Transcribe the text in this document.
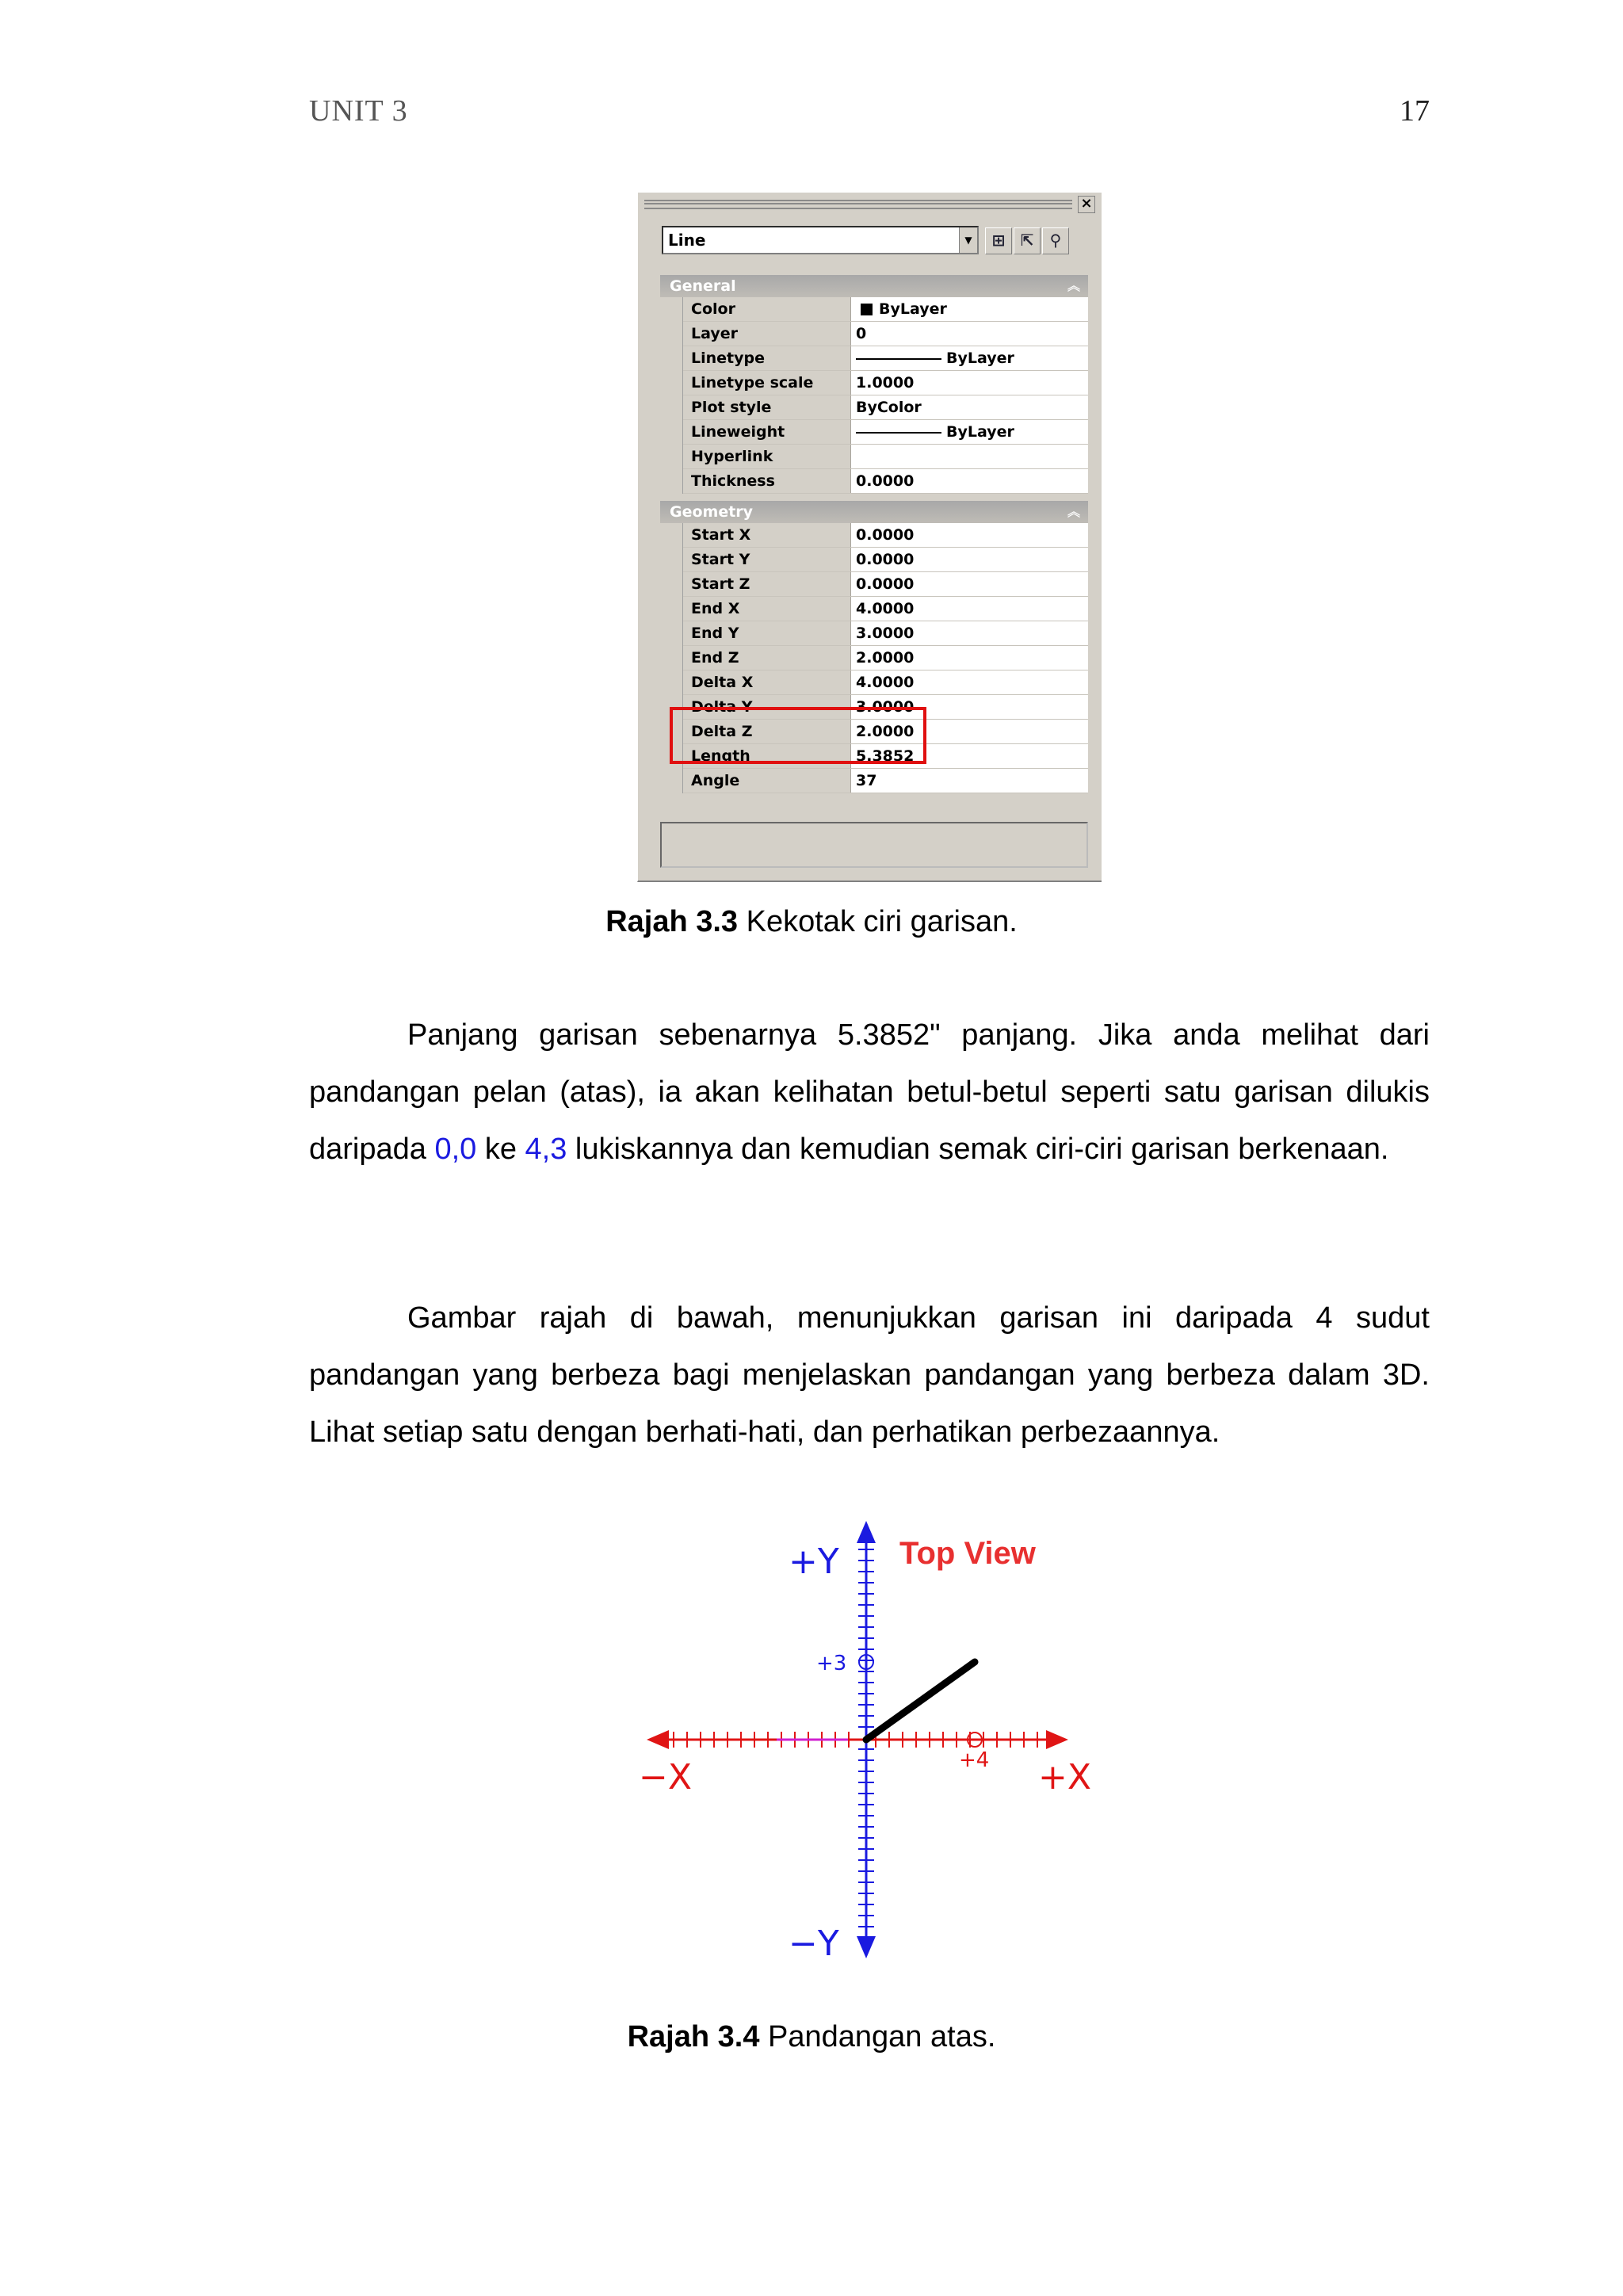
UNIT 3	17
×
Line	▼	⊞ ⇱	⚲
General	︽
Color	ByLayer
Layer	0
Linetype	ByLayer
Linetype scale	1.0000
Plot style	ByColor
Lineweight	ByLayer
Hyperlink
Thickness	0.0000
Geometry	︽
Start X	0.0000
Start Y	0.0000
Start Z	0.0000
End X	4.0000
End Y	3.0000
End Z	2.0000
Delta X	4.0000
Delta Y	3.0000
Delta Z	2.0000
Length	5.3852
Angle	37
Rajah 3.3 Kekotak ciri garisan.
Panjang garisan sebenarnya 5.3852" panjang. Jika anda melihat dari pandangan pelan (atas), ia akan kelihatan betul-betul seperti satu garisan dilukis daripada 0,0 ke 4,3 lukiskannya dan kemudian semak ciri-ciri garisan berkenaan.
Gambar rajah di bawah, menunjukkan garisan ini daripada 4 sudut pandangan yang berbeza bagi menjelaskan pandangan yang berbeza dalam 3D. Lihat setiap satu dengan berhati-hati, dan perhatikan perbezaannya.
Top View
+Y
−Y
−X	+X
+3
+4
Rajah 3.4 Pandangan atas.
